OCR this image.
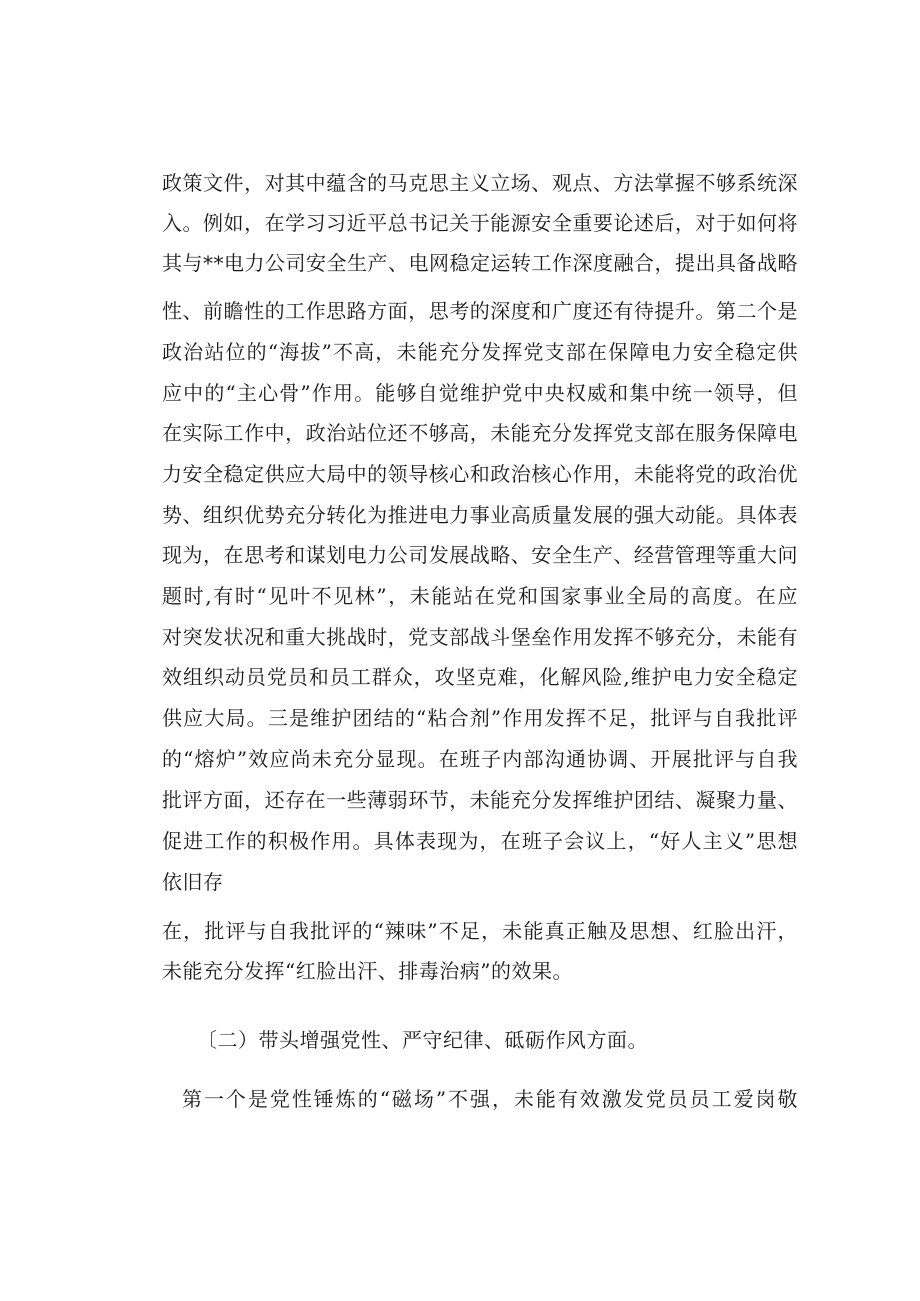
政策文件，对其中蕴含的马克思主义立场、观点、方法掌握不够系统深
入。例如，在学习习近平总书记关于能源安全重要论述后，对于如何将
其与**电力公司安全生产、电网稳定运转工作深度融合，提出具备战略
性、前瞻性的工作思路方面，思考的深度和广度还有待提升。第二个是
政治站位的“海拔”不高，未能充分发挥党支部在保障电力安全稳定供
应中的“主心骨”作用。能够自觉维护党中央权威和集中统一领导，但
在实际工作中，政治站位还不够高，未能充分发挥党支部在服务保障电
力安全稳定供应大局中的领导核心和政治核心作用，未能将党的政治优
势、组织优势充分转化为推进电力事业高质量发展的强大动能。具体表
现为，在思考和谋划电力公司发展战略、安全生产、经营管理等重大问
题时,有时“见叶不见林”，未能站在党和国家事业全局的高度。在应
对突发状况和重大挑战时，党支部战斗堡垒作用发挥不够充分，未能有
效组织动员党员和员工群众，攻坚克难，化解风险,维护电力安全稳定
供应大局。三是维护团结的“粘合剂”作用发挥不足，批评与自我批评
的“熔炉”效应尚未充分显现。在班子内部沟通协调、开展批评与自我
批评方面，还存在一些薄弱环节，未能充分发挥维护团结、凝聚力量、
促进工作的积极作用。具体表现为，在班子会议上，“好人主义”思想
依旧存
在，批评与自我批评的“辣味”不足，未能真正触及思想、红脸出汗，
未能充分发挥“红脸出汗、排毒治病”的效果。
〔二）带头增强党性、严守纪律、砥砺作风方面。
第一个是党性锤炼的“磁场”不强，未能有效激发党员员工爱岗敬
